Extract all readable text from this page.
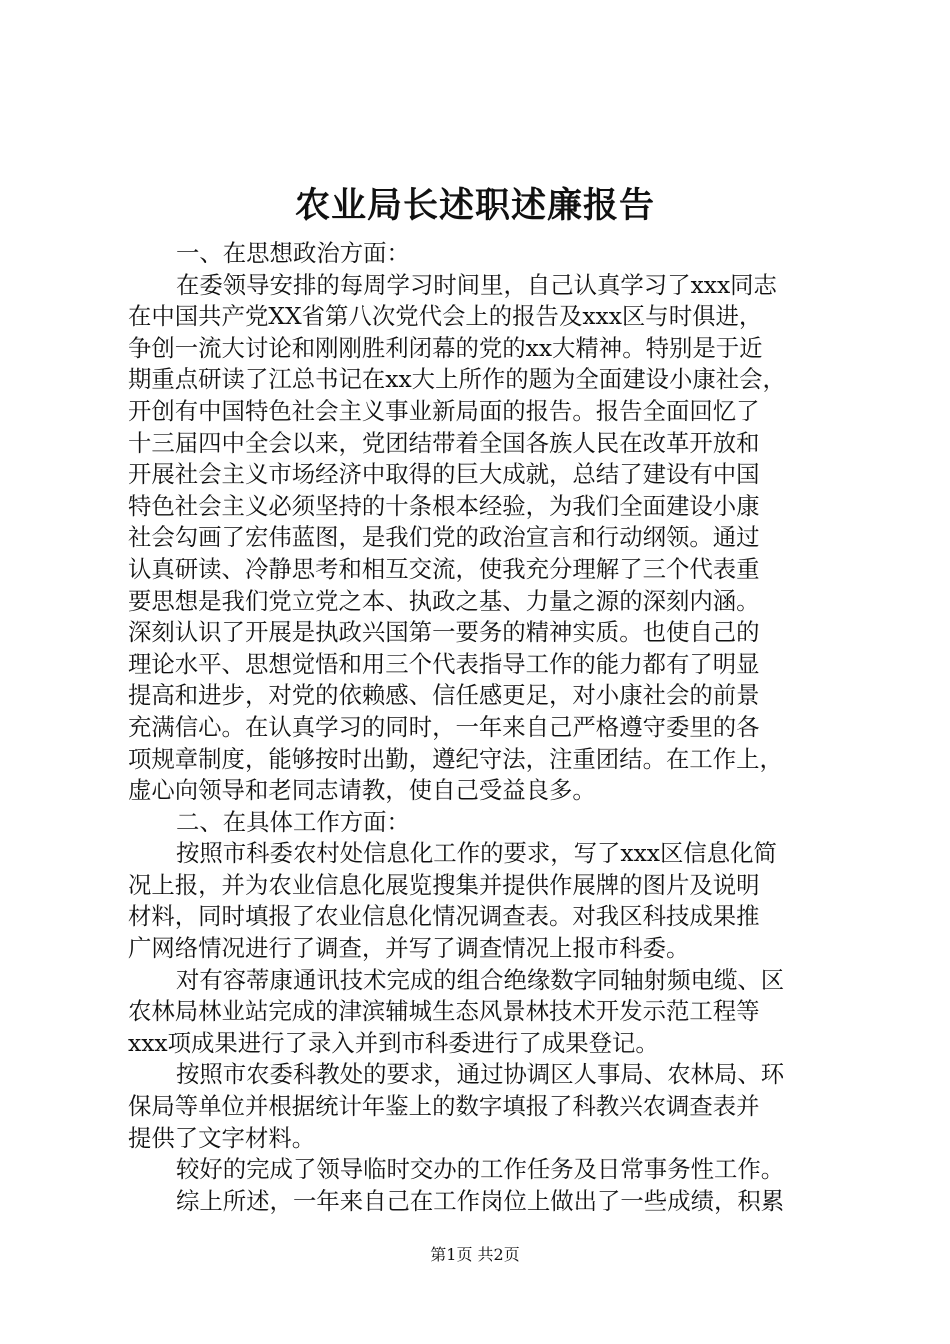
农业局长述职述廉报告
一、在思想政治方面：
在委领导安排的每周学习时间里，自己认真学习了xxx同志
在中国共产党XX省第八次党代会上的报告及xxx区与时俱进，
争创一流大讨论和刚刚胜利闭幕的党的xx大精神。特别是于近
期重点研读了江总书记在xx大上所作的题为全面建设小康社会，
开创有中国特色社会主义事业新局面的报告。报告全面回忆了
十三届四中全会以来，党团结带着全国各族人民在改革开放和
开展社会主义市场经济中取得的巨大成就，总结了建设有中国
特色社会主义必须坚持的十条根本经验，为我们全面建设小康
社会勾画了宏伟蓝图，是我们党的政治宣言和行动纲领。通过
认真研读、冷静思考和相互交流，使我充分理解了三个代表重
要思想是我们党立党之本、执政之基、力量之源的深刻内涵。
深刻认识了开展是执政兴国第一要务的精神实质。也使自己的
理论水平、思想觉悟和用三个代表指导工作的能力都有了明显
提高和进步，对党的依赖感、信任感更足，对小康社会的前景
充满信心。在认真学习的同时，一年来自己严格遵守委里的各
项规章制度，能够按时出勤，遵纪守法，注重团结。在工作上，
虚心向领导和老同志请教，使自己受益良多。
二、在具体工作方面：
按照市科委农村处信息化工作的要求，写了xxx区信息化简
况上报，并为农业信息化展览搜集并提供作展牌的图片及说明
材料，同时填报了农业信息化情况调查表。对我区科技成果推
广网络情况进行了调查，并写了调查情况上报市科委。
对有容蒂康通讯技术完成的组合绝缘数字同轴射频电缆、区
农林局林业站完成的津滨辅城生态风景林技术开发示范工程等
xxx项成果进行了录入并到市科委进行了成果登记。
按照市农委科教处的要求，通过协调区人事局、农林局、环
保局等单位并根据统计年鉴上的数字填报了科教兴农调查表并
提供了文字材料。
较好的完成了领导临时交办的工作任务及日常事务性工作。
综上所述，一年来自己在工作岗位上做出了一些成绩，积累
第1页 共2页
